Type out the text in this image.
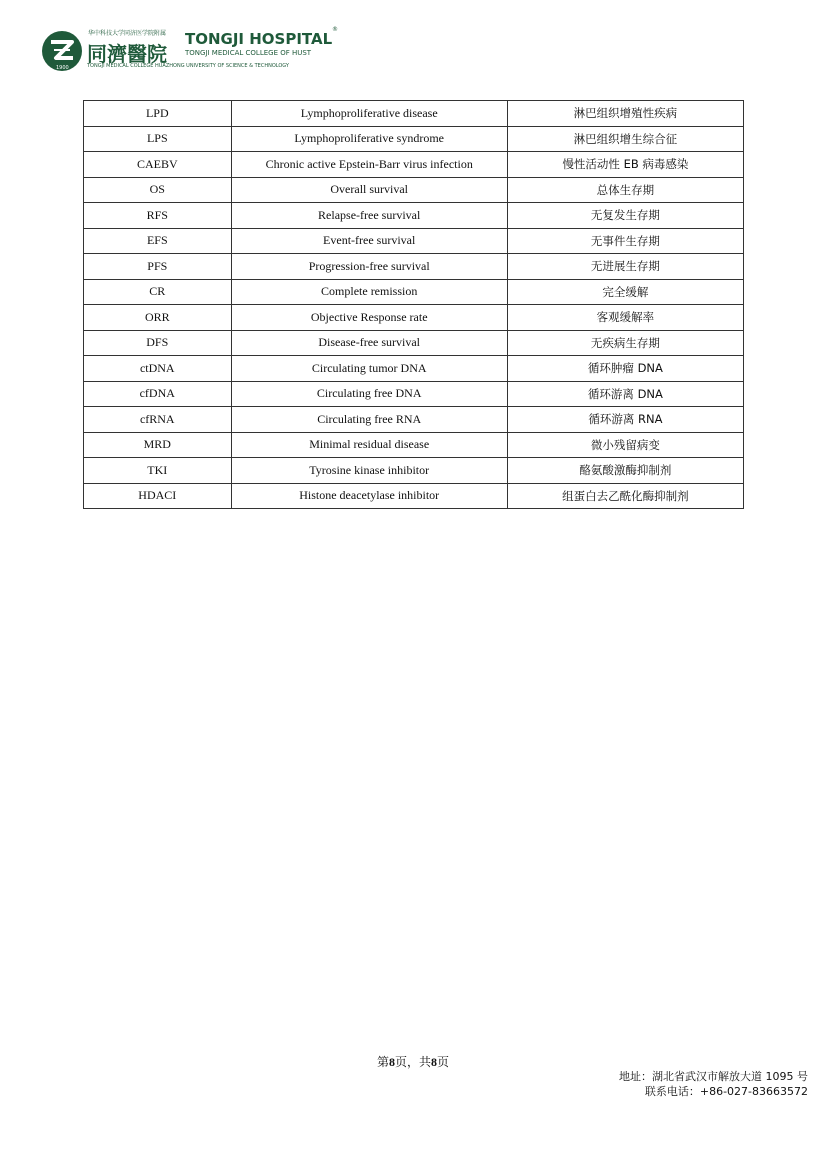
1900
华中科技大学同济医学院附属
同濟醫院
TONGJI HOSPITAL
®
TONGJI MEDICAL COLLEGE OF HUST
TONGJI MEDICAL COLLEGE HUAZHONG UNIVERSITY OF SCIENCE & TECHNOLOGY
LPD	Lymphoproliferative disease	淋巴组织增殖性疾病
LPS	Lymphoproliferative syndrome	淋巴组织增生综合征
CAEBV	Chronic active Epstein-Barr virus infection	慢性活动性 EB 病毒感染
OS	Overall survival	总体生存期
RFS	Relapse-free survival	无复发生存期
EFS	Event-free survival	无事件生存期
PFS	Progression-free survival	无进展生存期
CR	Complete remission	完全缓解
ORR	Objective Response rate	客观缓解率
DFS	Disease-free survival	无疾病生存期
ctDNA	Circulating tumor DNA	循环肿瘤 DNA
cfDNA	Circulating free DNA	循环游离 DNA
cfRNA	Circulating free RNA	循环游离 RNA
MRD	Minimal residual disease	微小残留病变
TKI	Tyrosine kinase inhibitor	酪氨酸激酶抑制剂
HDACI	Histone deacetylase inhibitor	组蛋白去乙酰化酶抑制剂
第8页，共8页
地址：湖北省武汉市解放大道 1095 号
联系电话：+86-027-83663572
